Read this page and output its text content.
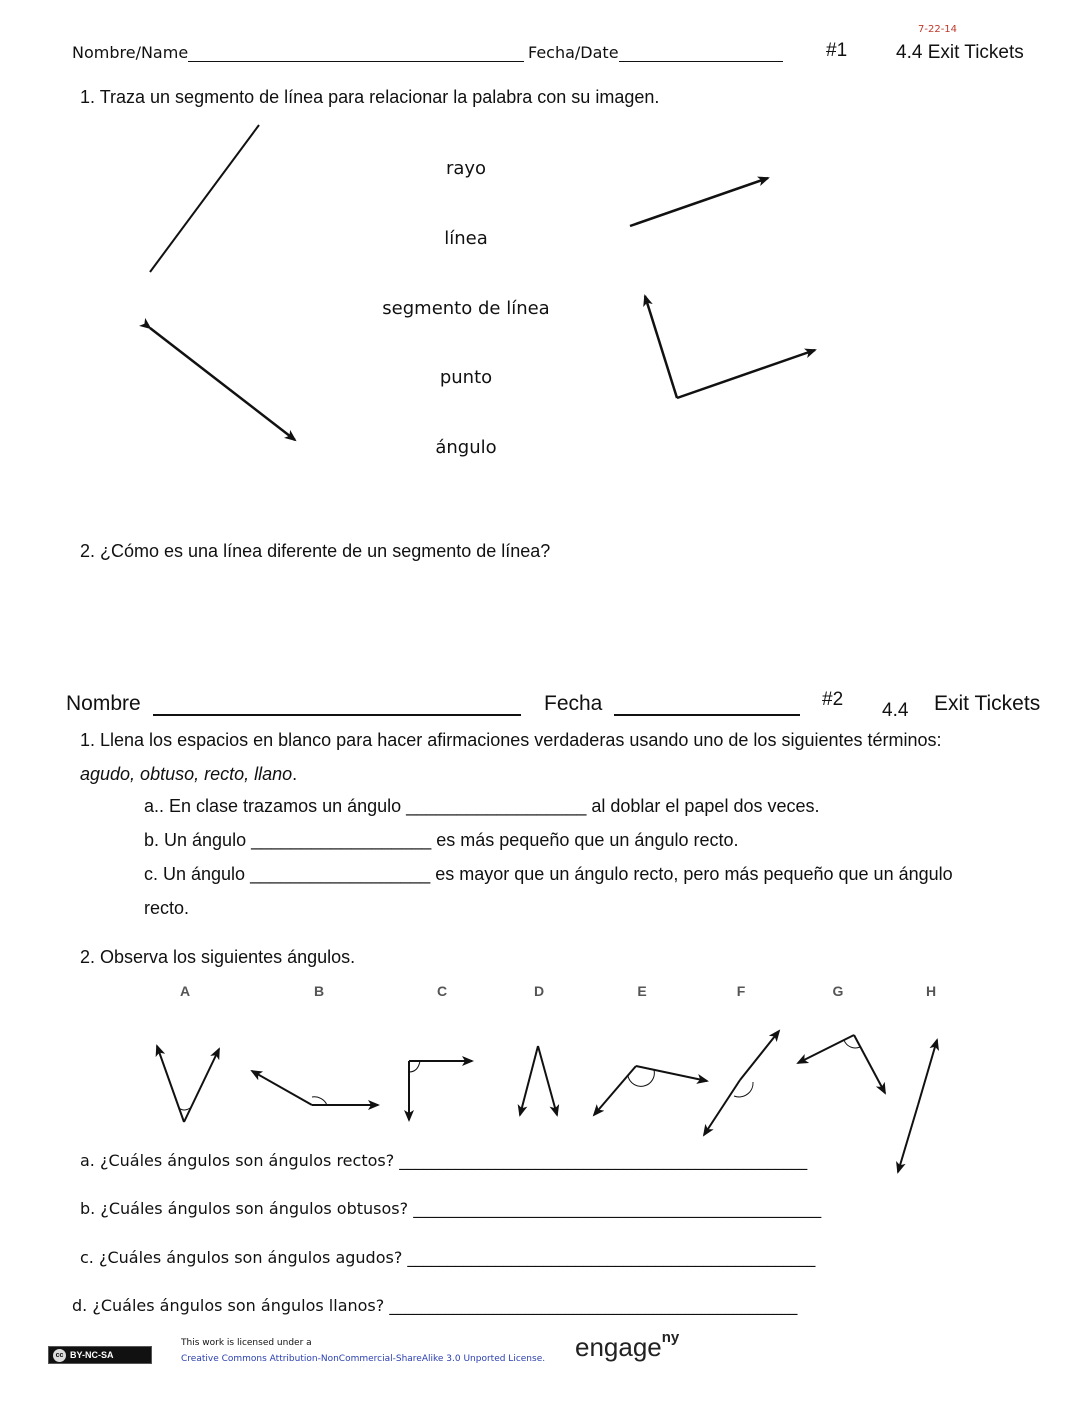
7-22-14
Nombre/Name	Fecha/Date	#1	4.4 Exit Tickets
1. Traza un segmento de línea para relacionar la palabra con su imagen.
rayo
línea
segmento de línea
punto
ángulo
2. ¿Cómo es una línea diferente de un segmento de línea?
Nombre	Fecha	#2
4.4 Exit Tickets
1. Llena los espacios en blanco para hacer afirmaciones verdaderas usando uno de los siguientes términos:
agudo, obtuso, recto, llano.
a.. En clase trazamos un ángulo __________________ al doblar el papel dos veces.
b. Un ángulo __________________ es más pequeño que un ángulo recto.
c. Un ángulo __________________ es mayor que un ángulo recto, pero más pequeño que un ángulo
recto.
2. Observa los siguientes ángulos.
A	B	C	D	E	F	G	H
a. ¿Cuáles ángulos son ángulos rectos? ___________________________________________________
b. ¿Cuáles ángulos son ángulos obtusos? ___________________________________________________
c. ¿Cuáles ángulos son ángulos agudos? ___________________________________________________
d. ¿Cuáles ángulos son ángulos llanos? ___________________________________________________
cc BY-NC-SA
This work is licensed under a
Creative Commons Attribution-NonCommercial-ShareAlike 3.0 Unported License. engage$^{ny}$
